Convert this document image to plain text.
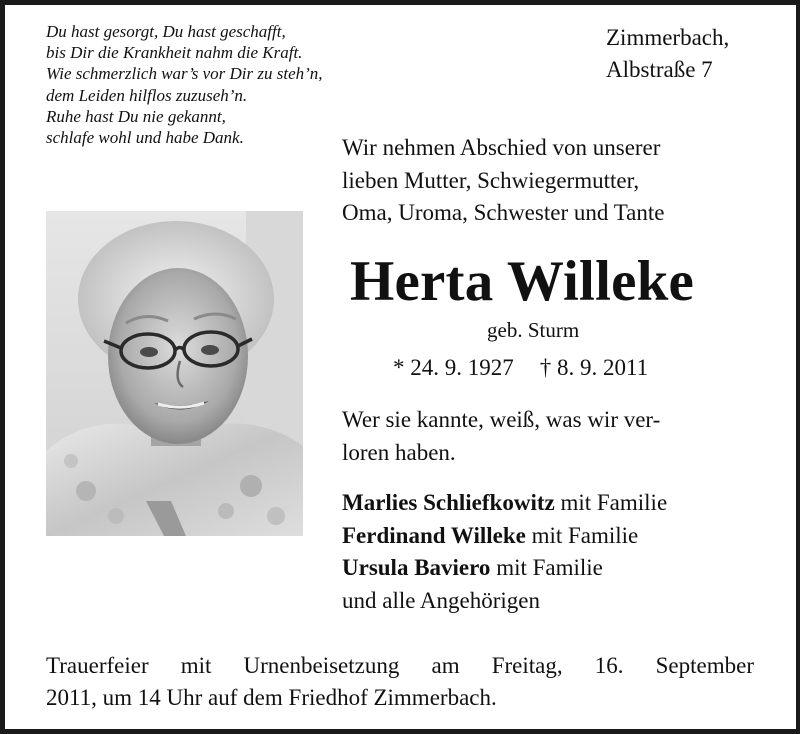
Du hast gesorgt, Du hast geschafft,
bis Dir die Krankheit nahm die Kraft.
Wie schmerzlich war’s vor Dir zu steh’n,
dem Leiden hilflos zuzuseh’n.
Ruhe hast Du nie gekannt,
schlafe wohl und habe Dank.
Zimmerbach,
Albstraße 7
Wir nehmen Abschied von unserer
lieben Mutter, Schwiegermutter,
Oma, Uroma, Schwester und Tante
Herta Willeke
geb. Sturm
* 24. 9. 1927 † 8. 9. 2011
Wer sie kannte, weiß, was wir ver-
loren haben.
Marlies Schliefkowitz mit Familie
Ferdinand Willeke mit Familie
Ursula Baviero mit Familie
und alle Angehörigen
Trauerfeier mit Urnenbeisetzung am Freitag, 16. September
2011, um 14 Uhr auf dem Friedhof Zimmerbach.
